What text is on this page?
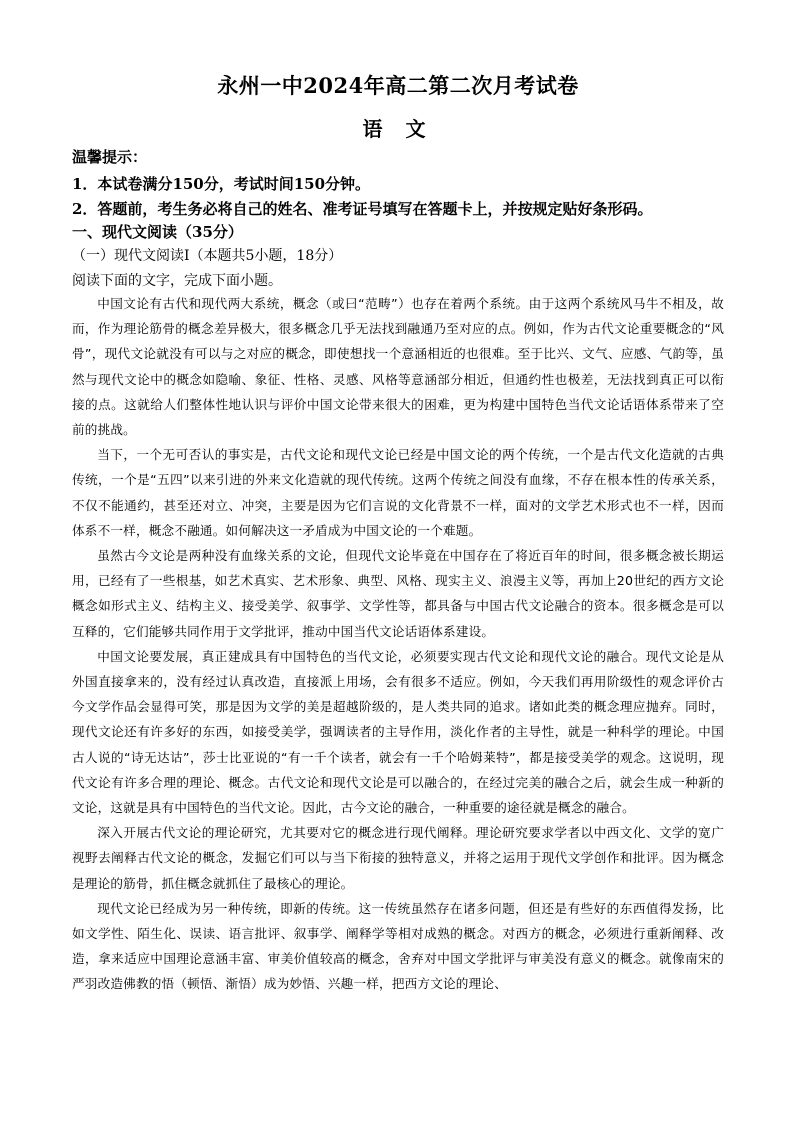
永州一中2024年高二第二次月考试卷
语 文
温馨提示：
1．本试卷满分150分，考试时间150分钟。
2．答题前，考生务必将自己的姓名、准考证号填写在答题卡上，并按规定贴好条形码。
一、现代文阅读（35分）
（一）现代文阅读Ⅰ（本题共5小题，18分）
阅读下面的文字，完成下面小题。

中国文论有古代和现代两大系统，概念（或曰“范畴”）也存在着两个系统。由于这两个系统风马牛不相及，故而，作为理论筋骨的概念差异极大，很多概念几乎无法找到融通乃至对应的点。例如，作为古代文论重要概念的“风骨”，现代文论就没有可以与之对应的概念，即使想找一个意涵相近的也很难。至于比兴、文气、应感、气韵等，虽然与现代文论中的概念如隐喻、象征、性格、灵感、风格等意涵部分相近，但通约性也极差，无法找到真正可以衔接的点。这就给人们整体性地认识与评价中国文论带来很大的困难，更为构建中国特色当代文论话语体系带来了空前的挑战。

当下，一个无可否认的事实是，古代文论和现代文论已经是中国文论的两个传统，一个是古代文化造就的古典传统，一个是“五四”以来引进的外来文化造就的现代传统。这两个传统之间没有血缘，不存在根本性的传承关系，不仅不能通约，甚至还对立、冲突，主要是因为它们言说的文化背景不一样，面对的文学艺术形式也不一样，因而体系不一样，概念不融通。如何解决这一矛盾成为中国文论的一个难题。

虽然古今文论是两种没有血缘关系的文论，但现代文论毕竟在中国存在了将近百年的时间，很多概念被长期运用，已经有了一些根基，如艺术真实、艺术形象、典型、风格、现实主义、浪漫主义等，再加上20世纪的西方文论概念如形式主义、结构主义、接受美学、叙事学、文学性等，都具备与中国古代文论融合的资本。很多概念是可以互释的，它们能够共同作用于文学批评，推动中国当代文论话语体系建设。

中国文论要发展，真正建成具有中国特色的当代文论，必须要实现古代文论和现代文论的融合。现代文论是从外国直接拿来的，没有经过认真改造，直接派上用场，会有很多不适应。例如，今天我们再用阶级性的观念评价古今文学作品会显得可笑，那是因为文学的美是超越阶级的，是人类共同的追求。诸如此类的概念理应抛弃。同时，现代文论还有许多好的东西，如接受美学，强调读者的主导作用，淡化作者的主导性，就是一种科学的理论。中国古人说的“诗无达诂”，莎士比亚说的“有一千个读者，就会有一千个哈姆莱特”，都是接受美学的观念。这说明，现代文论有许多合理的理论、概念。古代文论和现代文论是可以融合的，在经过完美的融合之后，就会生成一种新的文论，这就是具有中国特色的当代文论。因此，古今文论的融合，一种重要的途径就是概念的融合。

深入开展古代文论的理论研究，尤其要对它的概念进行现代阐释。理论研究要求学者以中西文化、文学的宽广视野去阐释古代文论的概念，发掘它们可以与当下衔接的独特意义，并将之运用于现代文学创作和批评。因为概念是理论的筋骨，抓住概念就抓住了最核心的理论。

现代文论已经成为另一种传统，即新的传统。这一传统虽然存在诸多问题，但还是有些好的东西值得发扬，比如文学性、陌生化、误读、语言批评、叙事学、阐释学等相对成熟的概念。对西方的概念，必须进行重新阐释、改造，拿来适应中国理论意涵丰富、审美价值较高的概念，舍弃对中国文学批评与审美没有意义的概念。就像南宋的严羽改造佛教的悟（顿悟、渐悟）成为妙悟、兴趣一样，把西方文论的理论、
